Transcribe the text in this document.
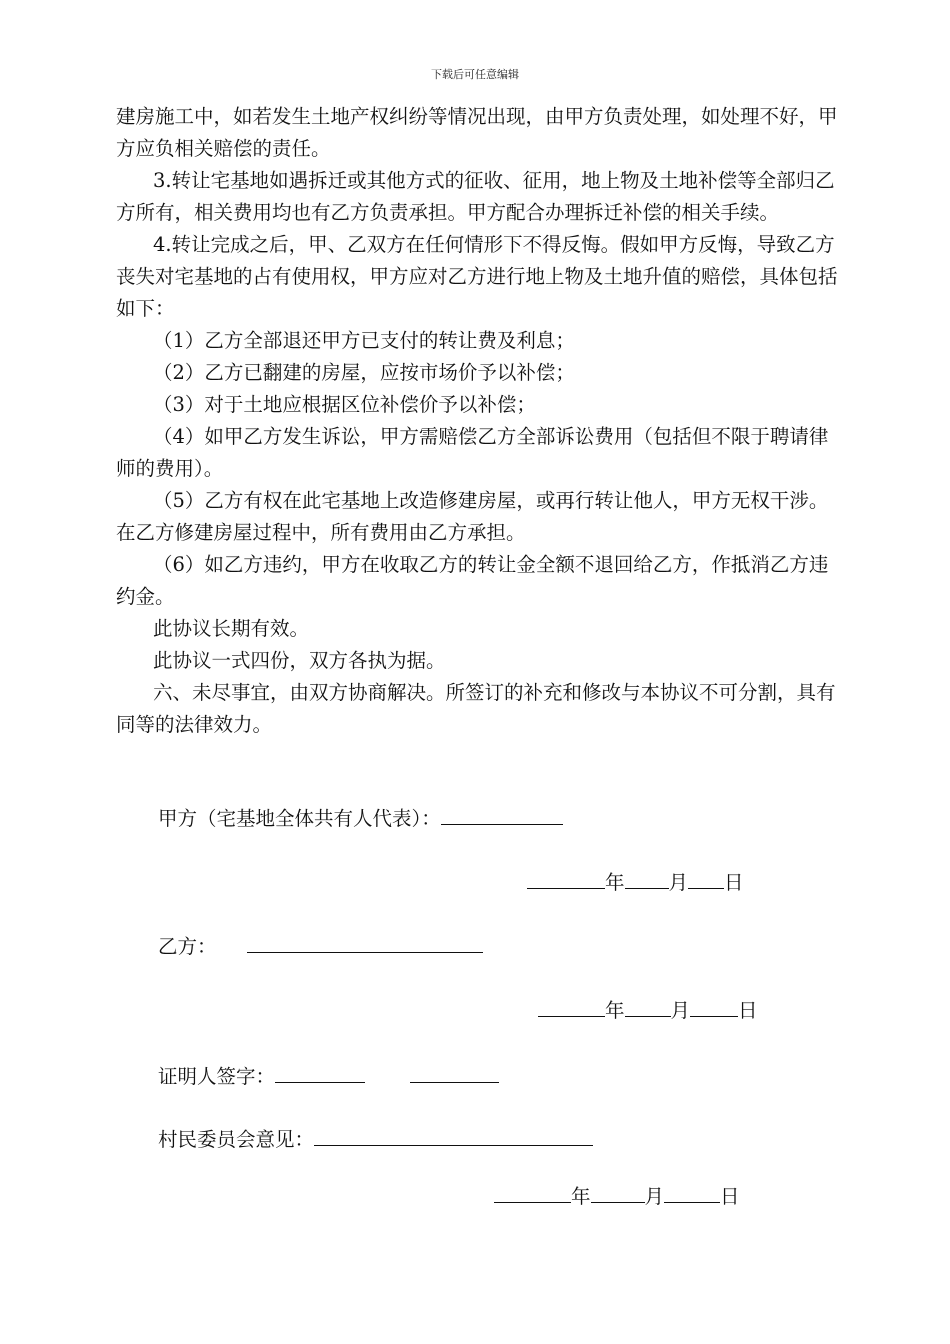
下载后可任意编辑

建房施工中，如若发生土地产权纠纷等情况出现，由甲方负责处理，如处理不好，甲方应负相关赔偿的责任。

3.转让宅基地如遇拆迁或其他方式的征收、征用，地上物及土地补偿等全部归乙方所有，相关费用均也有乙方负责承担。甲方配合办理拆迁补偿的相关手续。

4.转让完成之后，甲、乙双方在任何情形下不得反悔。假如甲方反悔，导致乙方丧失对宅基地的占有使用权，甲方应对乙方进行地上物及土地升值的赔偿，具体包括如下：

（1）乙方全部退还甲方已支付的转让费及利息；

（2）乙方已翻建的房屋，应按市场价予以补偿；

（3）对于土地应根据区位补偿价予以补偿；

（4）如甲乙方发生诉讼，甲方需赔偿乙方全部诉讼费用（包括但不限于聘请律师的费用）。

（5）乙方有权在此宅基地上改造修建房屋，或再行转让他人，甲方无权干涉。　在乙方修建房屋过程中，所有费用由乙方承担。

（6）如乙方违约，甲方在收取乙方的转让金全额不退回给乙方，作抵消乙方违约金。

此协议长期有效。

此协议一式四份，双方各执为据。

六、未尽事宜，由双方协商解决。所签订的补充和修改与本协议不可分割，具有同等的法律效力。

甲方（宅基地全体共有人代表）：
年 月 日
乙方：
年 月 日
证明人签字：
村民委员会意见：
年	月	日
